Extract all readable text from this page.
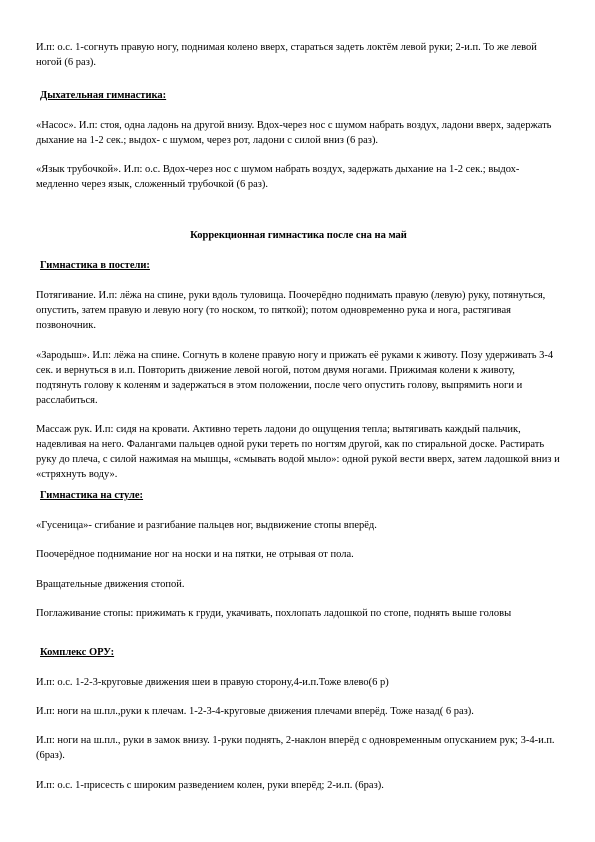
И.п: о.с. 1-согнуть правую ногу, поднимая колено вверх, стараться задеть локтём левой руки; 2-и.п. То же левой ногой (6 раз).

Дыхательная гимнастика:

«Насос». И.п: стоя, одна ладонь на другой внизу. Вдох-через нос с шумом набрать воздух, ладони вверх, задержать дыхание на 1-2 сек.; выдох- с шумом, через рот, ладони с силой вниз (6 раз).

«Язык трубочкой». И.п: о.с. Вдох-через нос с шумом набрать воздух, задержать дыхание на 1-2 сек.; выдох- медленно через язык, сложенный трубочкой (6 раз).

Коррекционная гимнастика после сна на май

Гимнастика в постели:

Потягивание. И.п: лёжа на спине, руки вдоль туловища. Поочерёдно поднимать правую (левую) руку, потянуться, опустить, затем правую и левую ногу (то носком, то пяткой); потом одновременно рука и нога, растягивая позвоночник.

«Зародыш». И.п: лёжа на спине. Согнуть в колене правую ногу и прижать её руками к животу. Позу удерживать 3-4 сек. и вернуться в и.п. Повторить движение левой ногой, потом двумя ногами. Прижимая колени к животу, подтянуть голову к коленям и задержаться в этом положении, после чего опустить голову, выпрямить ноги и расслабиться.

Массаж рук. И.п: сидя на кровати. Активно тереть ладони до ощущения тепла; вытягивать каждый пальчик, надевливая на него. Фалангами пальцев одной руки тереть по ногтям другой, как по стиральной доске. Растирать руку до плеча, с силой нажимая на мышцы, «смывать водой мыло»: одной рукой вести вверх, затем ладошкой вниз и «стряхнуть воду».

Гимнастика на стуле:

«Гусеница»- сгибание и разгибание пальцев ног, выдвижение стопы вперёд.

Поочерёдное поднимание ног на носки и на пятки, не отрывая от пола.

Вращательные движения стопой.

Поглаживание стопы: прижимать к груди, укачивать, похлопать ладошкой по стопе, поднять выше головы

Комплекс ОРУ:

И.п: о.с. 1-2-3-круговые движения шеи в правую сторону,4-и.п.Тоже влево(6 р)

И.п: ноги на ш.пл.,руки к плечам. 1-2-3-4-круговые движения плечами вперёд. Тоже назад( 6 раз).

И.п: ноги на ш.пл., руки в замок внизу. 1-руки поднять, 2-наклон вперёд с одновременным опусканием рук; 3-4-и.п.(6раз).

И.п: о.с. 1-присесть с широким разведением колен, руки вперёд; 2-и.п. (6раз).
